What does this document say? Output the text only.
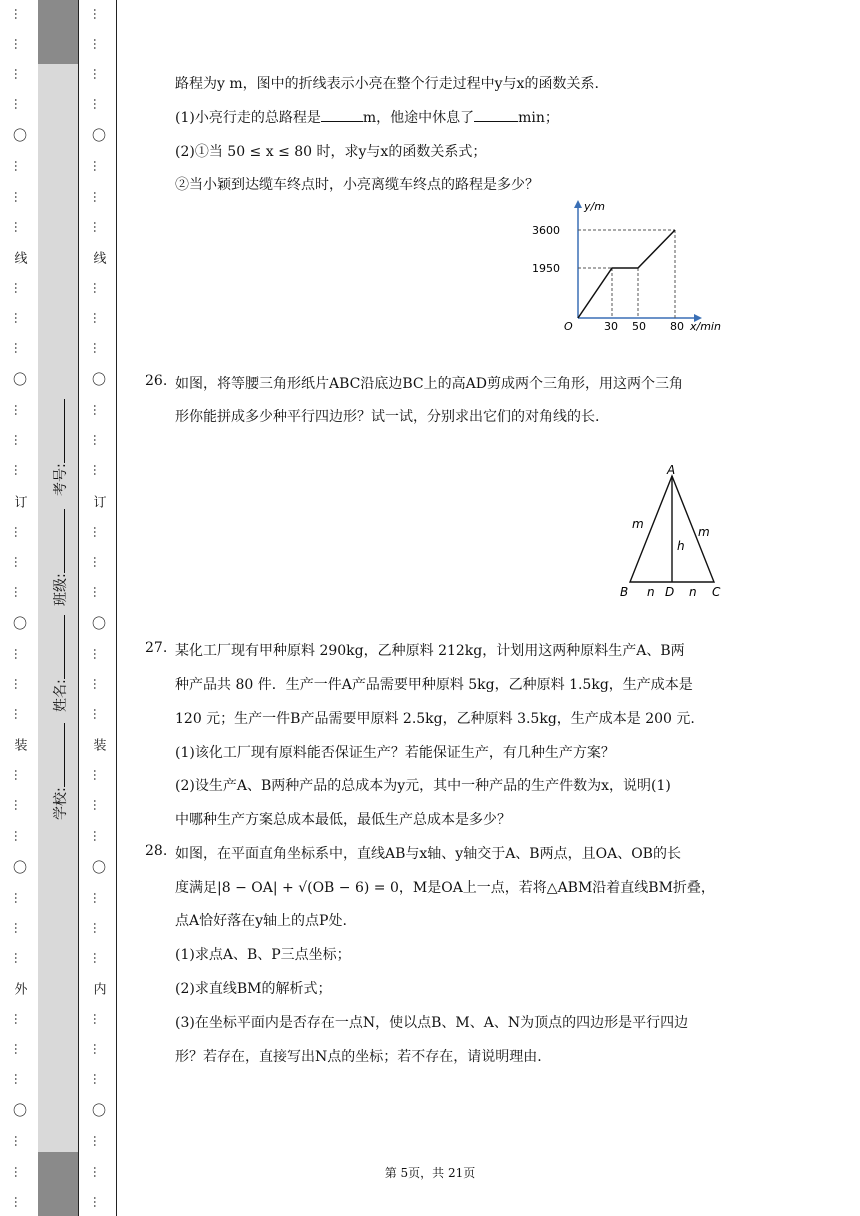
…
…
…
…
〇
…
…
…
线
…
…
…
〇
…
…
…
订
…
…
…
〇
…
…
…
装
…
…
…
〇
…
…
…
外
…
…
…
〇
…
…
…
…
…
…
…
〇
…
…
…
线
…
…
…
〇
…
…
…
订
…
…
…
〇
…
…
…
装
…
…
…
〇
…
…
…
内
…
…
…
〇
…
…
…
学校:
姓名:
班级:
考号:
路程为y m，图中的折线表示小亮在整个行走过程中y与x的函数关系.
(1)小亮行走的总路程是	m，他途中休息了	min；
(2)①当 50 ≤ x ≤ 80 时，求y与x的函数关系式；
②当小颖到达缆车终点时，小亮离缆车终点的路程是多少？
y/m
x/min
O
3600
1950
30 50 80
26. 如图，将等腰三角形纸片ABC沿底边BC上的高AD剪成两个三角形，用这两个三角
形你能拼成多少种平行四边形？试一试，分别求出它们的对角线的长.
A
B	D	C
m
m
h
n	n
27. 某化工厂现有甲种原料 290kg，乙种原料 212kg，计划用这两种原料生产A、B两
种产品共 80 件．生产一件A产品需要甲种原料 5kg，乙种原料 1.5kg，生产成本是
120 元；生产一件B产品需要甲原料 2.5kg，乙种原料 3.5kg，生产成本是 200 元.
(1)该化工厂现有原料能否保证生产？若能保证生产，有几种生产方案？
(2)设生产A、B两种产品的总成本为y元，其中一种产品的生产件数为x，说明(1)
中哪种生产方案总成本最低，最低生产总成本是多少？
28. 如图，在平面直角坐标系中，直线AB与x轴、y轴交于A、B两点，且OA、OB的长
度满足|8 − OA| + √(OB − 6) = 0，M是OA上一点，若将△ABM沿着直线BM折叠，
点A恰好落在y轴上的点P处.
(1)求点A、B、P三点坐标；
(2)求直线BM的解析式；
(3)在坐标平面内是否存在一点N，使以点B、M、A、N为顶点的四边形是平行四边
形？若存在，直接写出N点的坐标；若不存在，请说明理由.
第 5页，共 21页
